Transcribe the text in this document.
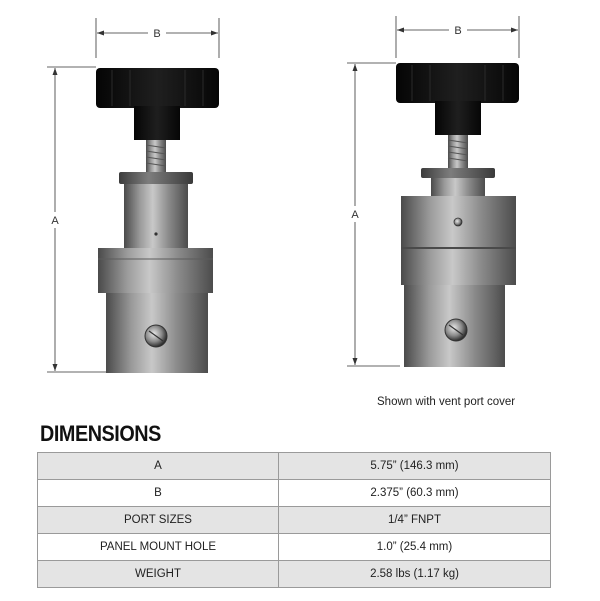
B
A
B
A
Shown with vent port cover
DIMENSIONS
A	5.75” (146.3 mm)
B	2.375” (60.3 mm)
PORT SIZES	1/4” FNPT
PANEL MOUNT HOLE	1.0” (25.4 mm)
WEIGHT	2.58 lbs (1.17 kg)
